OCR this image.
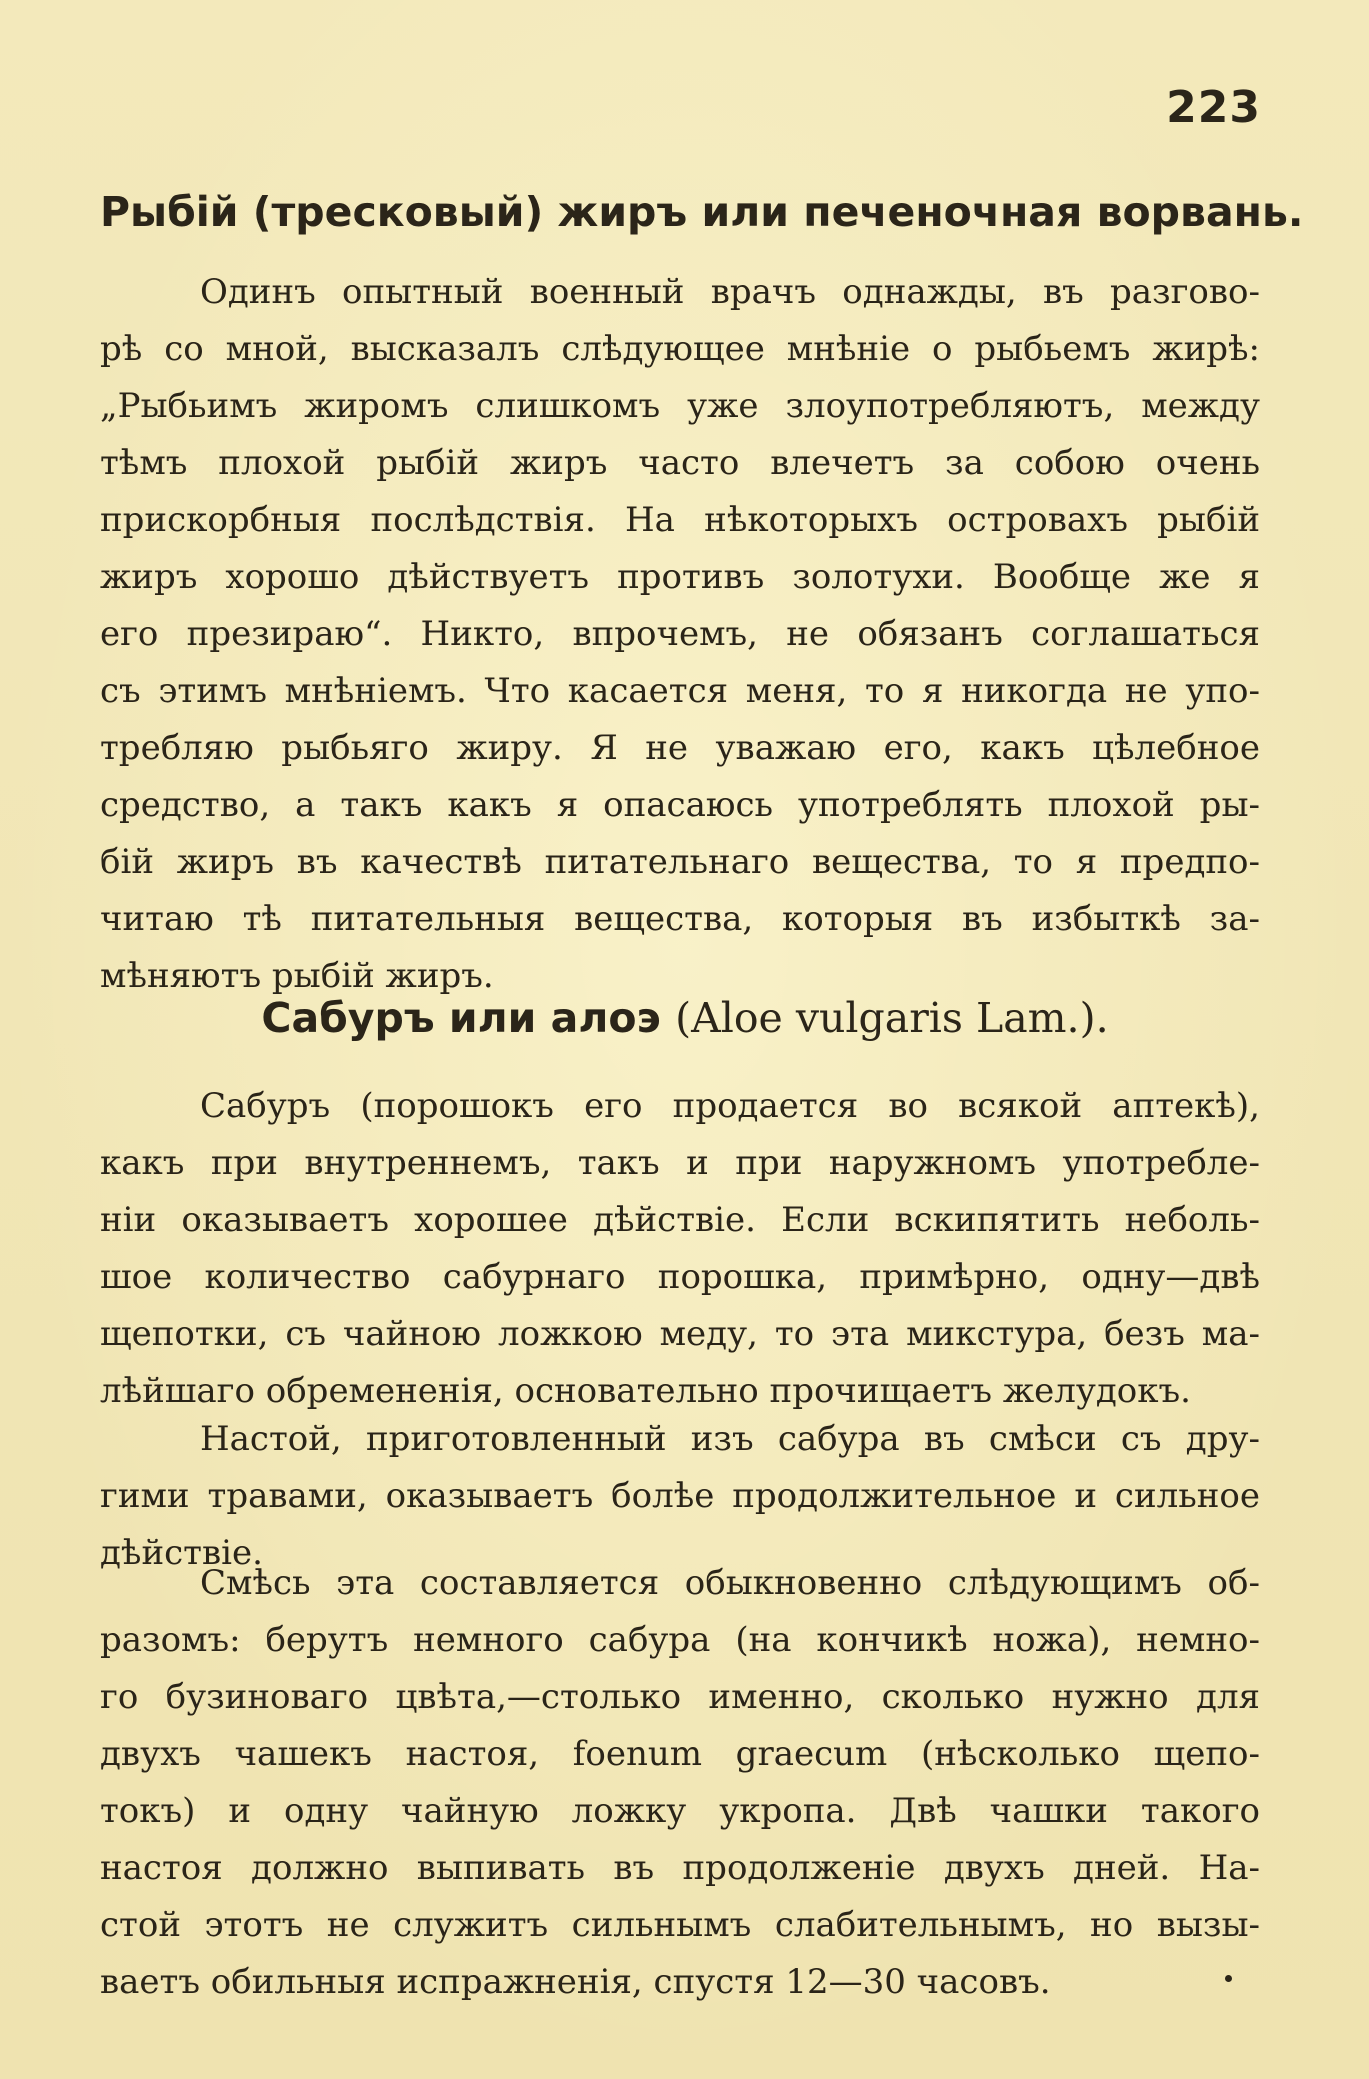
223
Рыбій (тресковый) жиръ или печеночная ворвань.
Одинъ опытный военный врачъ однажды, въ разгово-
рѣ со мной, высказалъ слѣдующее мнѣніе о рыбьемъ жирѣ:
„Рыбьимъ жиромъ слишкомъ уже злоупотребляютъ, между
тѣмъ плохой рыбій жиръ часто влечетъ за собою очень
прискорбныя послѣдствія. На нѣкоторыхъ островахъ рыбій
жиръ хорошо дѣйствуетъ противъ золотухи. Вообще же я
его презираю“. Никто, впрочемъ, не обязанъ соглашаться
съ этимъ мнѣніемъ. Что касается меня, то я никогда не упо-
требляю рыбьяго жиру. Я не уважаю его, какъ цѣлебное
средство, а такъ какъ я опасаюсь употреблять плохой ры-
бій жиръ въ качествѣ питательнаго вещества, то я предпо-
читаю тѣ питательныя вещества, которыя въ избыткѣ за-
мѣняютъ рыбій жиръ.
Сабуръ или алоэ (Aloe vulgaris Lam.).
Сабуръ (порошокъ его продается во всякой аптекѣ),
какъ при внутреннемъ, такъ и при наружномъ употребле-
ніи оказываетъ хорошее дѣйствіе. Если вскипятить неболь-
шое количество сабурнаго порошка, примѣрно, одну—двѣ
щепотки, съ чайною ложкою меду, то эта микстура, безъ ма-
лѣйшаго обремененія, основательно прочищаетъ желудокъ.
Настой, приготовленный изъ сабура въ смѣси съ дру-
гими травами, оказываетъ болѣе продолжительное и сильное
дѣйствіе.
Смѣсь эта составляется обыкновенно слѣдующимъ об-
разомъ: берутъ немного сабура (на кончикѣ ножа), немно-
го бузиноваго цвѣта,—столько именно, сколько нужно для
двухъ чашекъ настоя, foenum graecum (нѣсколько щепо-
токъ) и одну чайную ложку укропа. Двѣ чашки такого
настоя должно выпивать въ продолженіе двухъ дней. На-
стой этотъ не служитъ сильнымъ слабительнымъ, но вызы-
ваетъ обильныя испражненія, спустя 12—30 часовъ.
